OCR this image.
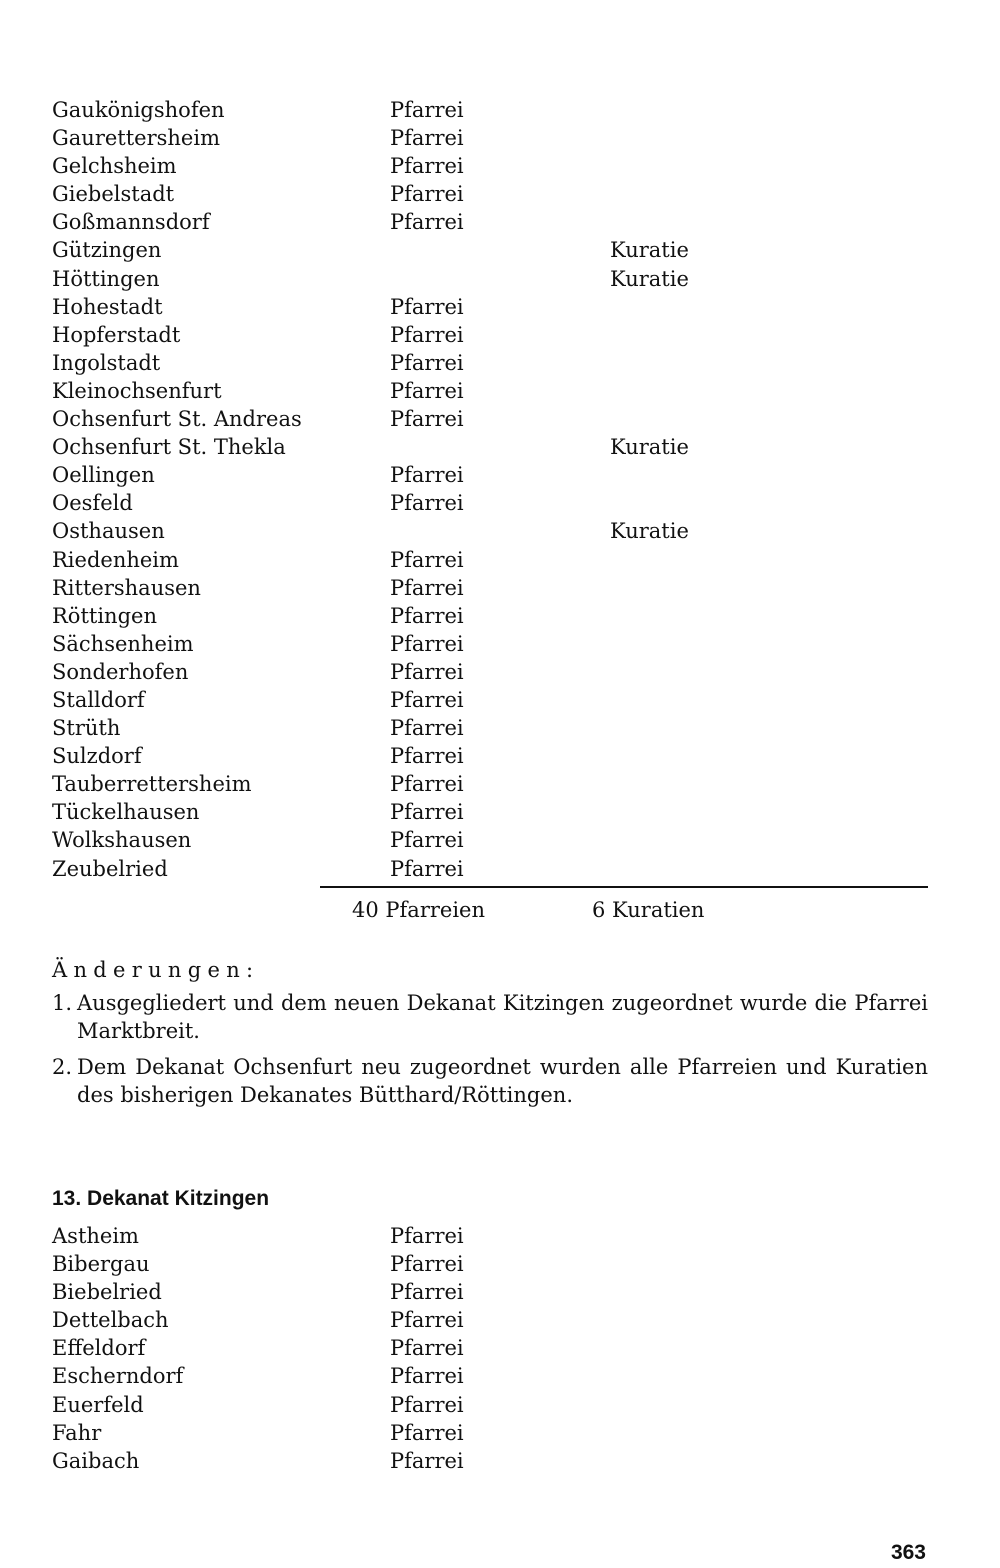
Gaukönigshofen	Pfarrei
Gaurettersheim	Pfarrei
Gelchsheim	Pfarrei
Giebelstadt	Pfarrei
Goßmannsdorf	Pfarrei
Gützingen	Kuratie
Höttingen	Kuratie
Hohestadt	Pfarrei
Hopferstadt	Pfarrei
Ingolstadt	Pfarrei
Kleinochsenfurt	Pfarrei
Ochsenfurt St. Andreas	Pfarrei
Ochsenfurt St. Thekla	Kuratie
Oellingen	Pfarrei
Oesfeld	Pfarrei
Osthausen	Kuratie
Riedenheim	Pfarrei
Rittershausen	Pfarrei
Röttingen	Pfarrei
Sächsenheim	Pfarrei
Sonderhofen	Pfarrei
Stalldorf	Pfarrei
Strüth	Pfarrei
Sulzdorf	Pfarrei
Tauberrettersheim	Pfarrei
Tückelhausen	Pfarrei
Wolkshausen	Pfarrei
Zeubelried	Pfarrei
40 Pfarreien	6 Kuratien
Änderungen:
1. Ausgegliedert und dem neuen Dekanat Kitzingen zugeordnet wurde die Pfarrei Marktbreit.
2. Dem Dekanat Ochsenfurt neu zugeordnet wurden alle Pfarreien und Kuratien des bisherigen Dekanates Bütthard/Röttingen.
13. Dekanat Kitzingen
Astheim	Pfarrei
Bibergau	Pfarrei
Biebelried	Pfarrei
Dettelbach	Pfarrei
Effeldorf	Pfarrei
Escherndorf	Pfarrei
Euerfeld	Pfarrei
Fahr	Pfarrei
Gaibach	Pfarrei
363
